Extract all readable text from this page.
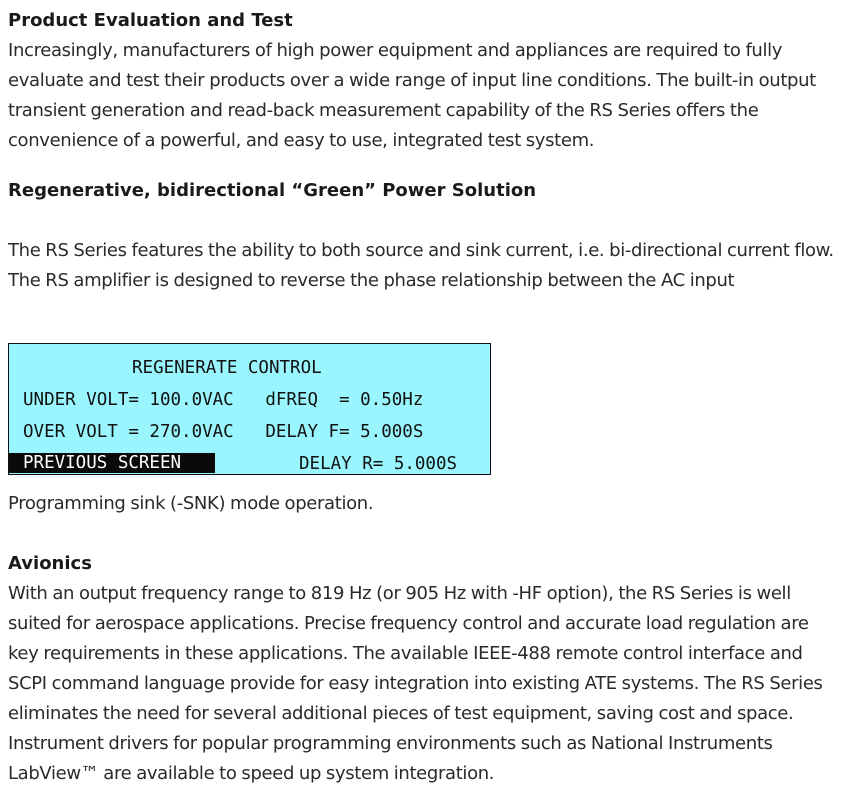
Product Evaluation and Test

Increasingly, manufacturers of high power equipment and appliances are required to fully evaluate and test their products over a wide range of input line conditions. The built-in output transient generation and read-back measurement capability of the RS Series offers the convenience of a powerful, and easy to use, integrated test system.

Regenerative, bidirectional “Green” Power Solution

The RS Series features the ability to both source and sink current, i.e. bi-directional current flow. The RS amplifier is designed to reverse the phase relationship between the AC input

REGENERATE CONTROL
UNDER VOLT= 100.0VAC   dFREQ  = 0.50Hz
OVER VOLT = 270.0VAC   DELAY F= 5.000S
PREVIOUS SCREEN	DELAY R= 5.000S

Programming sink (-SNK) mode operation.

Avionics

With an output frequency range to 819 Hz (or 905 Hz with -HF option), the RS Series is well suited for aerospace applications. Precise frequency control and accurate load regulation are key requirements in these applications. The available IEEE-488 remote control interface and SCPI command language provide for easy integration into existing ATE systems. The RS Series eliminates the need for several additional pieces of test equipment, saving cost and space. Instrument drivers for popular programming environments such as National Instruments LabView™ are available to speed up system integration.
